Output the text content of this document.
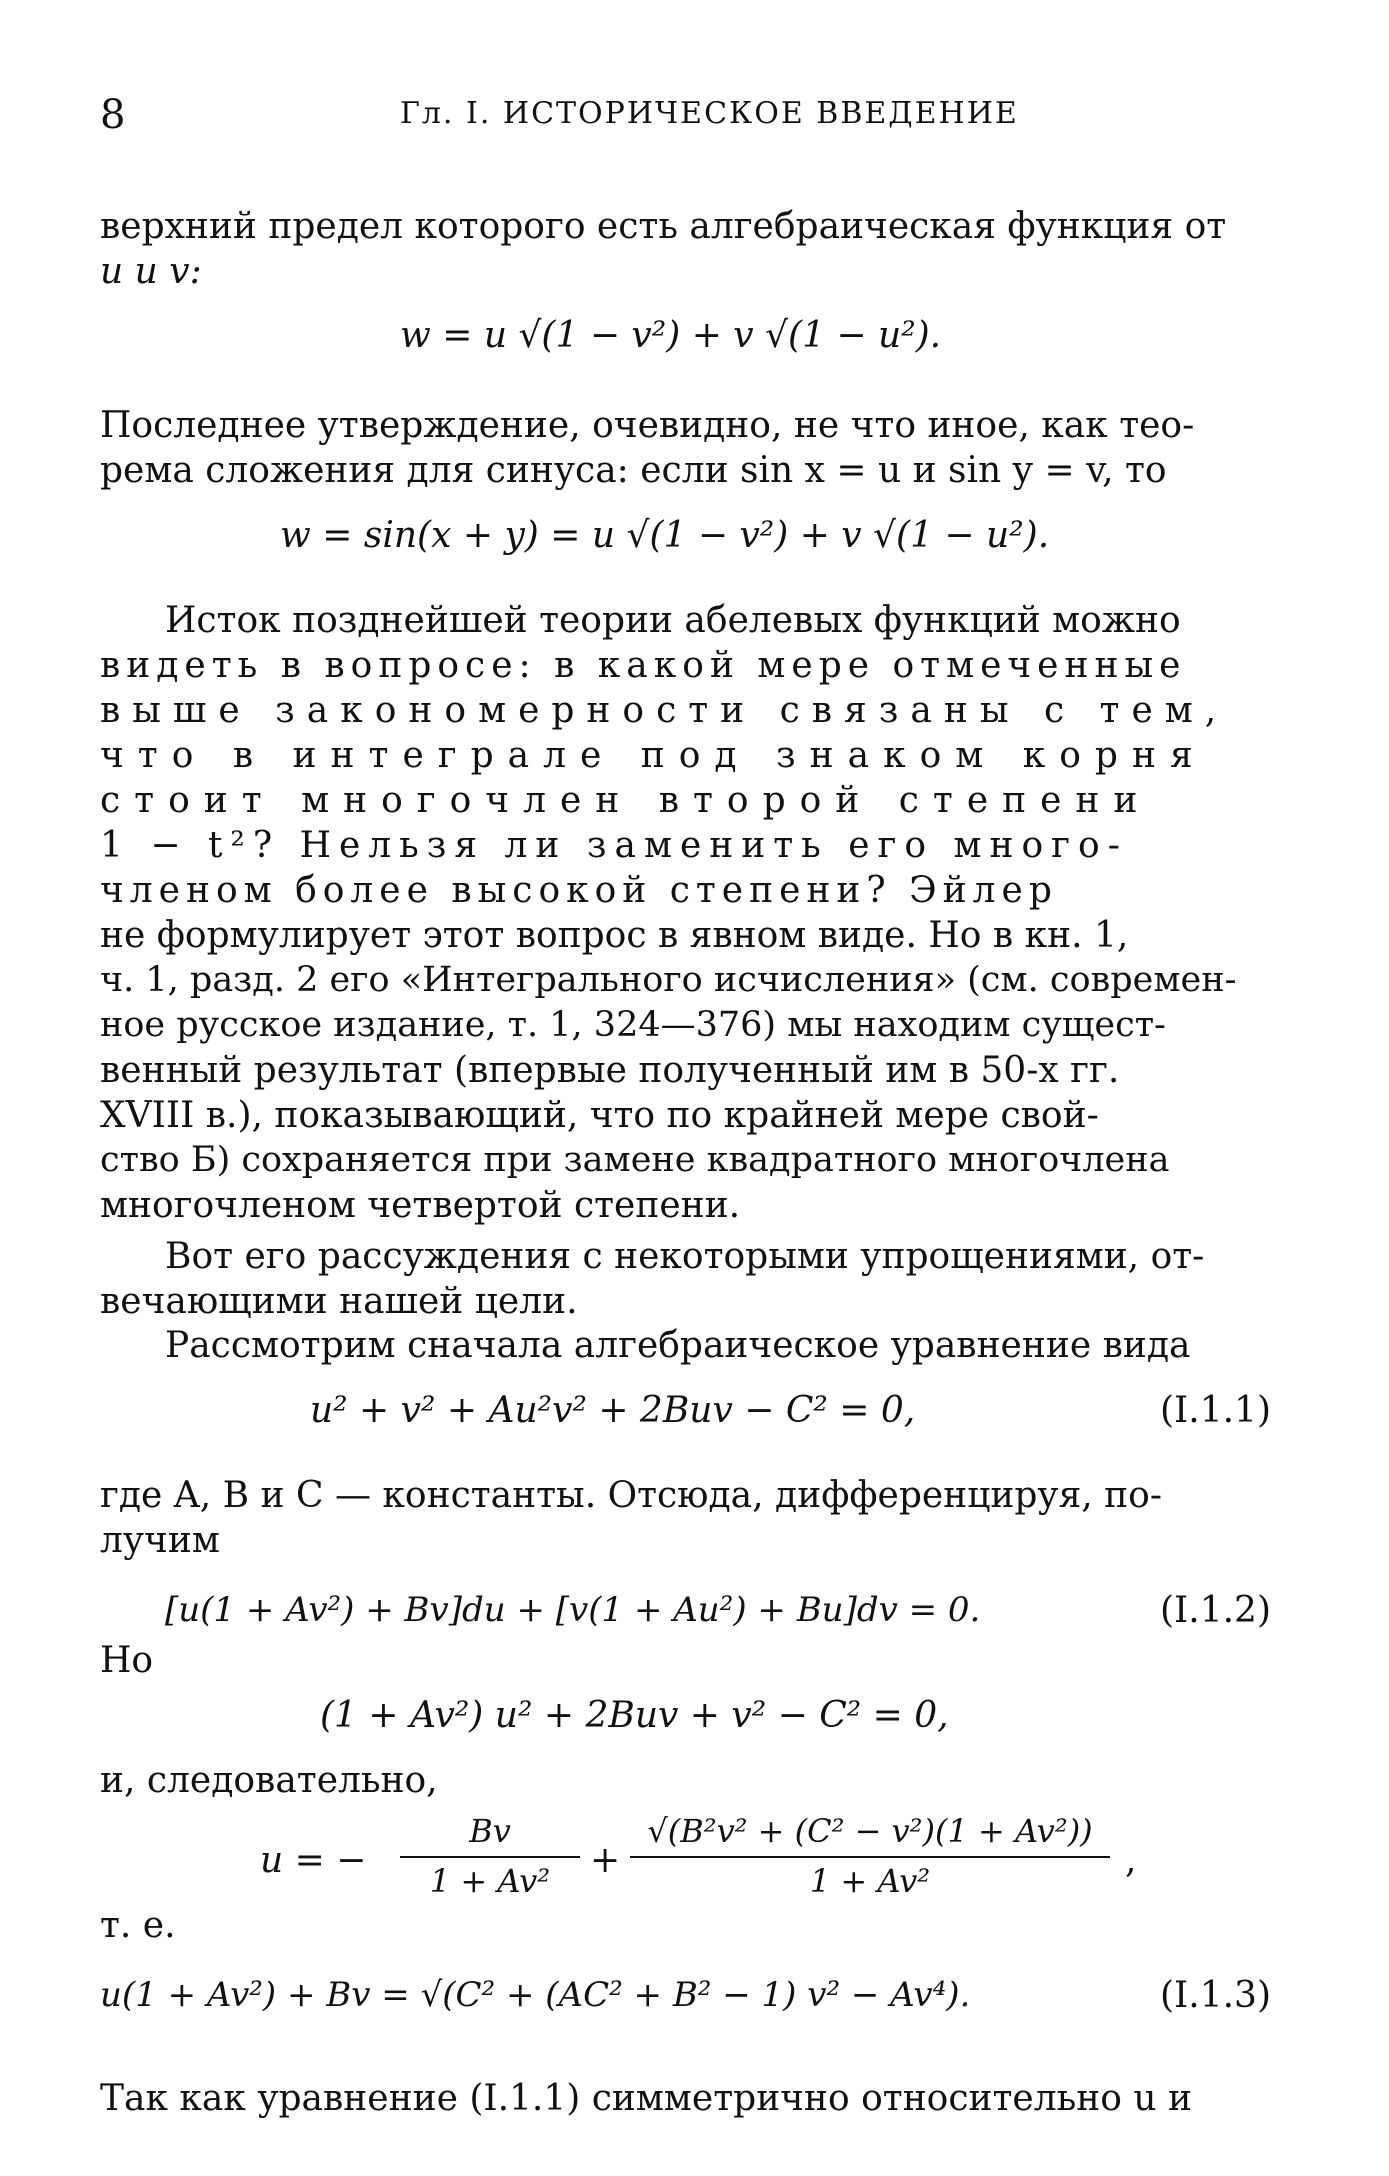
8	Гл. I. ИСТОРИЧЕСКОЕ ВВЕДЕНИЕ
верхний предел которого есть алгебраическая функция от
u и v:
w = u √(1 − v²) + v √(1 − u²).
Последнее утверждение, очевидно, не что иное, как тео-
рема сложения для синуса: если sin x = u и sin y = v, то
w = sin(x + y) = u √(1 − v²) + v √(1 − u²).
Исток позднейшей теории абелевых функций можно
видеть в вопросе: в какой мере отмеченные
выше закономерности связаны с тем,
что в интеграле под знаком корня
стоит многочлен второй степени
1 − t²? Нельзя ли заменить его много-
членом более высокой степени? Эйлер
не формулирует этот вопрос в явном виде. Но в кн. 1,
ч. 1, разд. 2 его «Интегрального исчисления» (см. современ-
ное русское издание, т. 1, 324—376) мы находим сущест-
венный результат (впервые полученный им в 50-х гг.
XVIII в.), показывающий, что по крайней мере свой-
ство Б) сохраняется при замене квадратного многочлена
многочленом четвертой степени.
Вот его рассуждения с некоторыми упрощениями, от-
вечающими нашей цели.
Рассмотрим сначала алгебраическое уравнение вида
u² + v² + Au²v² + 2Buv − C² = 0,	(I.1.1)
где A, B и C — константы. Отсюда, дифференцируя, по-
лучим
[u(1 + Av²) + Bv]du + [v(1 + Au²) + Bu]dv = 0.	(I.1.2)
Но
(1 + Av²) u² + 2Buv + v² − C² = 0,
и, следовательно,
u = −
Bv
1 + Av²	+
√(B²v² + (C² − v²)(1 + Av²))
1 + Av²	,
т. е.
u(1 + Av²) + Bv = √(C² + (AC² + B² − 1) v² − Av⁴).	(I.1.3)
Так как уравнение (I.1.1) симметрично относительно u и
